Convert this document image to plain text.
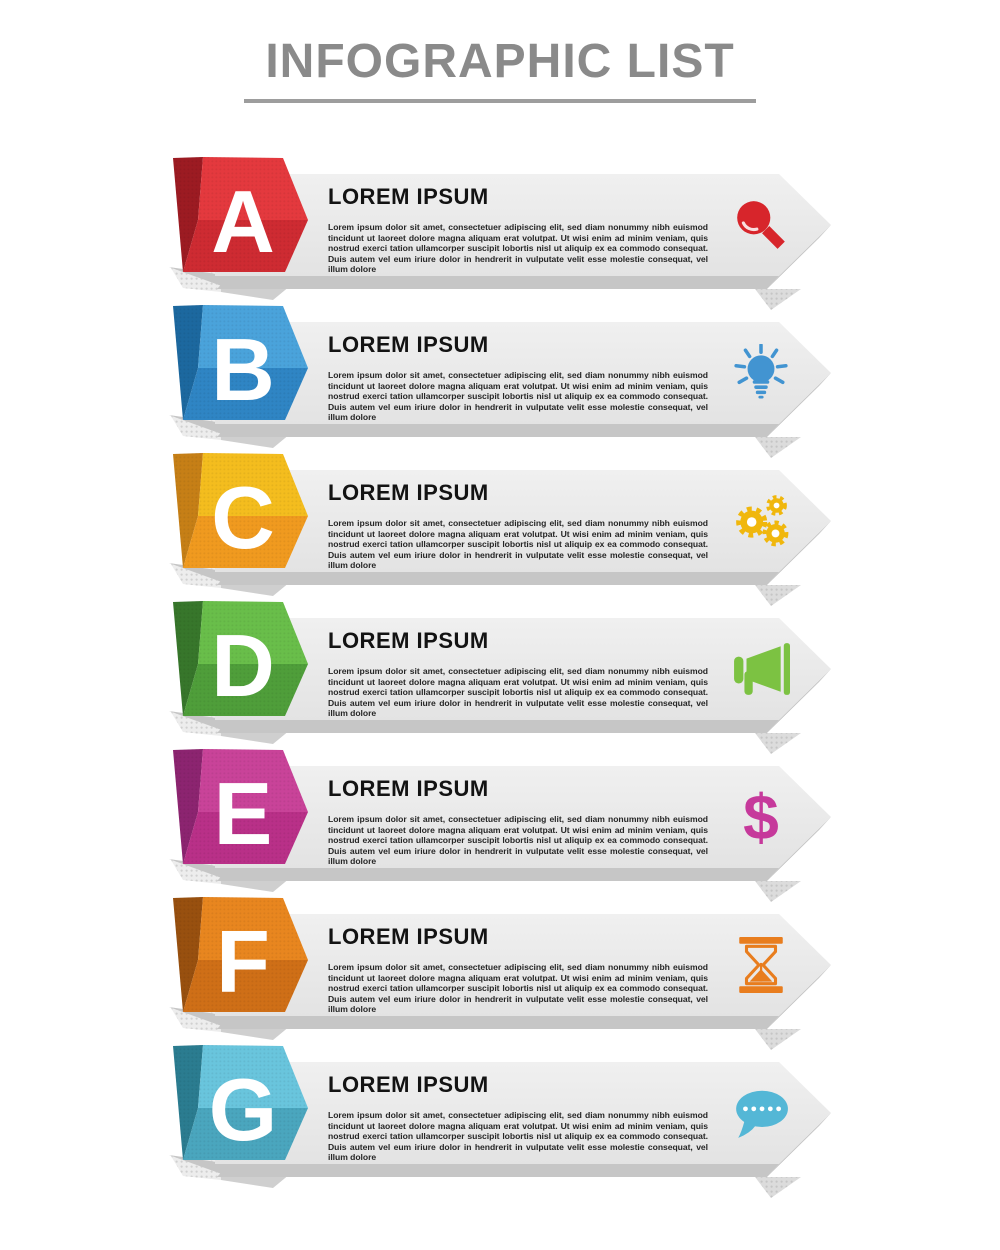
INFOGRAPHIC LIST
A LOREM IPSUM

Lorem ipsum dolor sit amet, consectetuer adipiscing elit, sed diam nonummy nibh euismod tincidunt ut laoreet dolore magna aliquam erat volutpat. Ut wisi enim ad minim veniam, quis nostrud exerci tation ullamcorper suscipit lobortis nisl ut aliquip ex ea commodo consequat. Duis autem vel eum iriure dolor in hendrerit in vulputate velit esse molestie consequat, vel illum dolore

B LOREM IPSUM

Lorem ipsum dolor sit amet, consectetuer adipiscing elit, sed diam nonummy nibh euismod tincidunt ut laoreet dolore magna aliquam erat volutpat. Ut wisi enim ad minim veniam, quis nostrud exerci tation ullamcorper suscipit lobortis nisl ut aliquip ex ea commodo consequat. Duis autem vel eum iriure dolor in hendrerit in vulputate velit esse molestie consequat, vel illum dolore

C LOREM IPSUM

Lorem ipsum dolor sit amet, consectetuer adipiscing elit, sed diam nonummy nibh euismod tincidunt ut laoreet dolore magna aliquam erat volutpat. Ut wisi enim ad minim veniam, quis nostrud exerci tation ullamcorper suscipit lobortis nisl ut aliquip ex ea commodo consequat. Duis autem vel eum iriure dolor in hendrerit in vulputate velit esse molestie consequat, vel illum dolore

D LOREM IPSUM

Lorem ipsum dolor sit amet, consectetuer adipiscing elit, sed diam nonummy nibh euismod tincidunt ut laoreet dolore magna aliquam erat volutpat. Ut wisi enim ad minim veniam, quis nostrud exerci tation ullamcorper suscipit lobortis nisl ut aliquip ex ea commodo consequat. Duis autem vel eum iriure dolor in hendrerit in vulputate velit esse molestie consequat, vel illum dolore

E	LOREM IPSUM

Lorem ipsum dolor sit amet, consectetuer adipiscing elit, sed diam nonummy nibh euismod tincidunt ut laoreet dolore magna aliquam erat volutpat. Ut wisi enim ad minim veniam, quis nostrud exerci tation ullamcorper suscipit lobortis nisl ut aliquip ex ea commodo consequat. Duis autem vel eum iriure dolor in hendrerit in vulputate velit esse molestie consequat, vel illum dolore

$
F	LOREM IPSUM

Lorem ipsum dolor sit amet, consectetuer adipiscing elit, sed diam nonummy nibh euismod tincidunt ut laoreet dolore magna aliquam erat volutpat. Ut wisi enim ad minim veniam, quis nostrud exerci tation ullamcorper suscipit lobortis nisl ut aliquip ex ea commodo consequat. Duis autem vel eum iriure dolor in hendrerit in vulputate velit esse molestie consequat, vel illum dolore

G LOREM IPSUM

Lorem ipsum dolor sit amet, consectetuer adipiscing elit, sed diam nonummy nibh euismod tincidunt ut laoreet dolore magna aliquam erat volutpat. Ut wisi enim ad minim veniam, quis nostrud exerci tation ullamcorper suscipit lobortis nisl ut aliquip ex ea commodo consequat. Duis autem vel eum iriure dolor in hendrerit in vulputate velit esse molestie consequat, vel illum dolore
